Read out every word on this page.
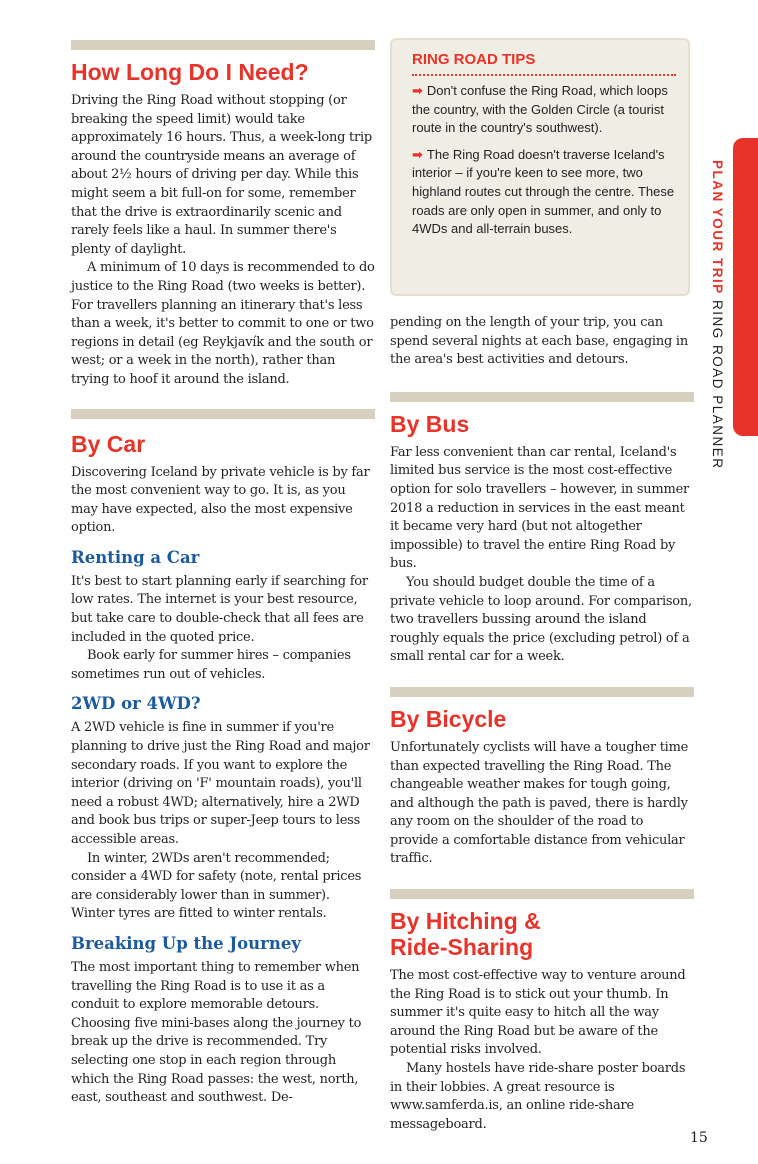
PLAN YOUR TRIP RING ROAD PLANNER
How Long Do I Need?

Driving the Ring Road without stopping (or breaking the speed limit) would take approximately 16 hours. Thus, a week-long trip around the countryside means an average of about 2½ hours of driving per day. While this might seem a bit full-on for some, remember that the drive is extraordinarily scenic and rarely feels like a haul. In summer there's plenty of daylight.

A minimum of 10 days is recommended to do justice to the Ring Road (two weeks is better). For travellers planning an itinerary that's less than a week, it's better to commit to one or two regions in detail (eg Reykjavík and the south or west; or a week in the north), rather than trying to hoof it around the island.

By Car

Discovering Iceland by private vehicle is by far the most convenient way to go. It is, as you may have expected, also the most expensive option.

Renting a Car

It's best to start planning early if searching for low rates. The internet is your best resource, but take care to double-check that all fees are included in the quoted price.

Book early for summer hires – companies sometimes run out of vehicles.

2WD or 4WD?

A 2WD vehicle is fine in summer if you're planning to drive just the Ring Road and major secondary roads. If you want to explore the interior (driving on 'F' mountain roads), you'll need a robust 4WD; alternatively, hire a 2WD and book bus trips or super-Jeep tours to less accessible areas.

In winter, 2WDs aren't recommended; consider a 4WD for safety (note, rental prices are considerably lower than in summer). Winter tyres are fitted to winter rentals.

Breaking Up the Journey

The most important thing to remember when travelling the Ring Road is to use it as a conduit to explore memorable detours. Choosing five mini-bases along the journey to break up the drive is recommended. Try selecting one stop in each region through which the Ring Road passes: the west, north, east, southeast and southwest. De-

RING ROAD TIPS
➡ Don't confuse the Ring Road, which loops the country, with the Golden Circle (a tourist route in the country's southwest).
➡ The Ring Road doesn't traverse Iceland's interior – if you're keen to see more, two highland routes cut through the centre. These roads are only open in summer, and only to 4WDs and all-terrain buses.

pending on the length of your trip, you can spend several nights at each base, engaging in the area's best activities and detours.

By Bus

Far less convenient than car rental, Iceland's limited bus service is the most cost-effective option for solo travellers – however, in summer 2018 a reduction in services in the east meant it became very hard (but not altogether impossible) to travel the entire Ring Road by bus.

You should budget double the time of a private vehicle to loop around. For comparison, two travellers bussing around the island roughly equals the price (excluding petrol) of a small rental car for a week.

By Bicycle

Unfortunately cyclists will have a tougher time than expected travelling the Ring Road. The changeable weather makes for tough going, and although the path is paved, there is hardly any room on the shoulder of the road to provide a comfortable distance from vehicular traffic.

By Hitching &
Ride-Sharing

The most cost-effective way to venture around the Ring Road is to stick out your thumb. In summer it's quite easy to hitch all the way around the Ring Road but be aware of the potential risks involved.

Many hostels have ride-share poster boards in their lobbies. A great resource is www.samferda.is, an online ride-share messageboard.

15
